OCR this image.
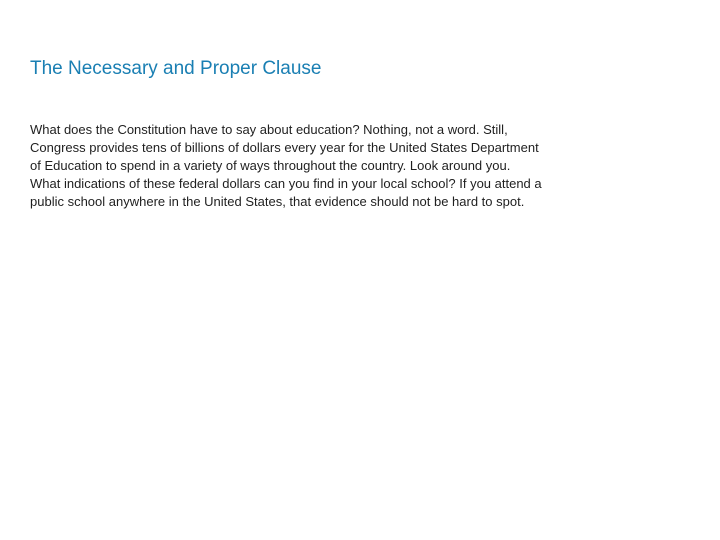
The Necessary and Proper Clause
What does the Constitution have to say about education? Nothing, not a word. Still,
Congress provides tens of billions of dollars every year for the United States Department
of Education to spend in a variety of ways throughout the country. Look around you.
What indications of these federal dollars can you find in your local school? If you attend a
public school anywhere in the United States, that evidence should not be hard to spot.
